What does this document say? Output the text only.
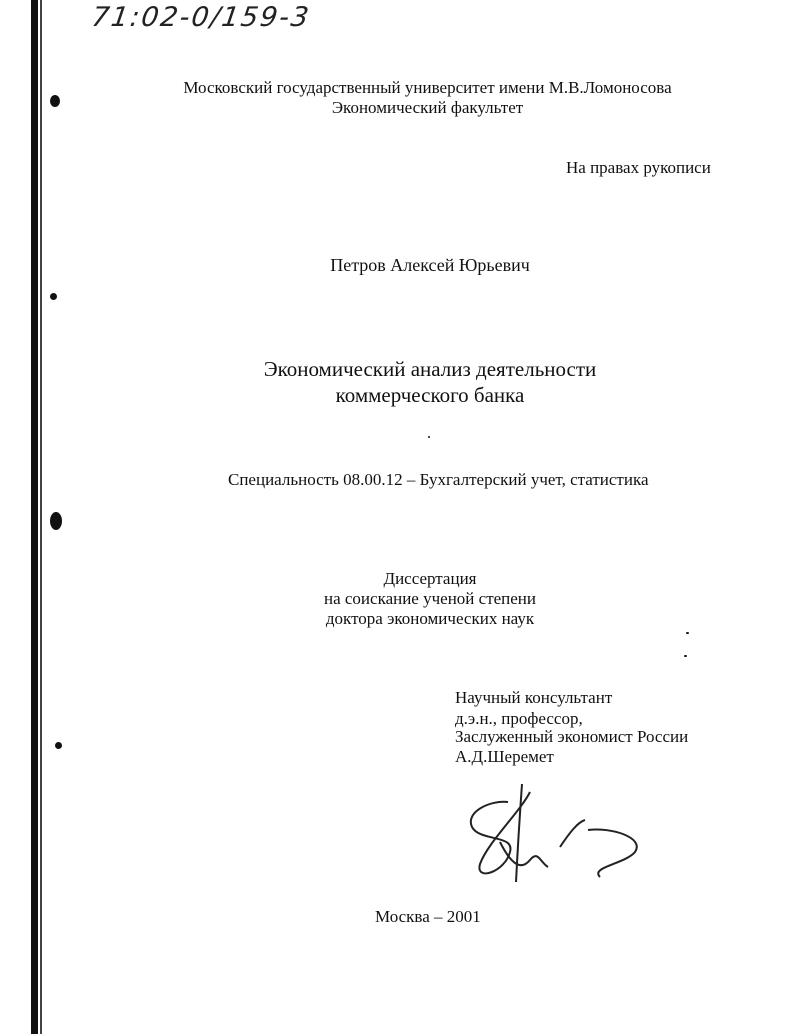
71:02-0/159-3
Московский государственный университет имени М.В.Ломоносова
Экономический факультет
На правах рукописи
Петров Алексей Юрьевич
Экономический анализ деятельности
коммерческого банка
Специальность 08.00.12 – Бухгалтерский учет, статистика
Диссертация
на соискание ученой степени
доктора экономических наук
Научный консультант
д.э.н., профессор,
Заслуженный экономист России
А.Д.Шеремет
Москва – 2001
